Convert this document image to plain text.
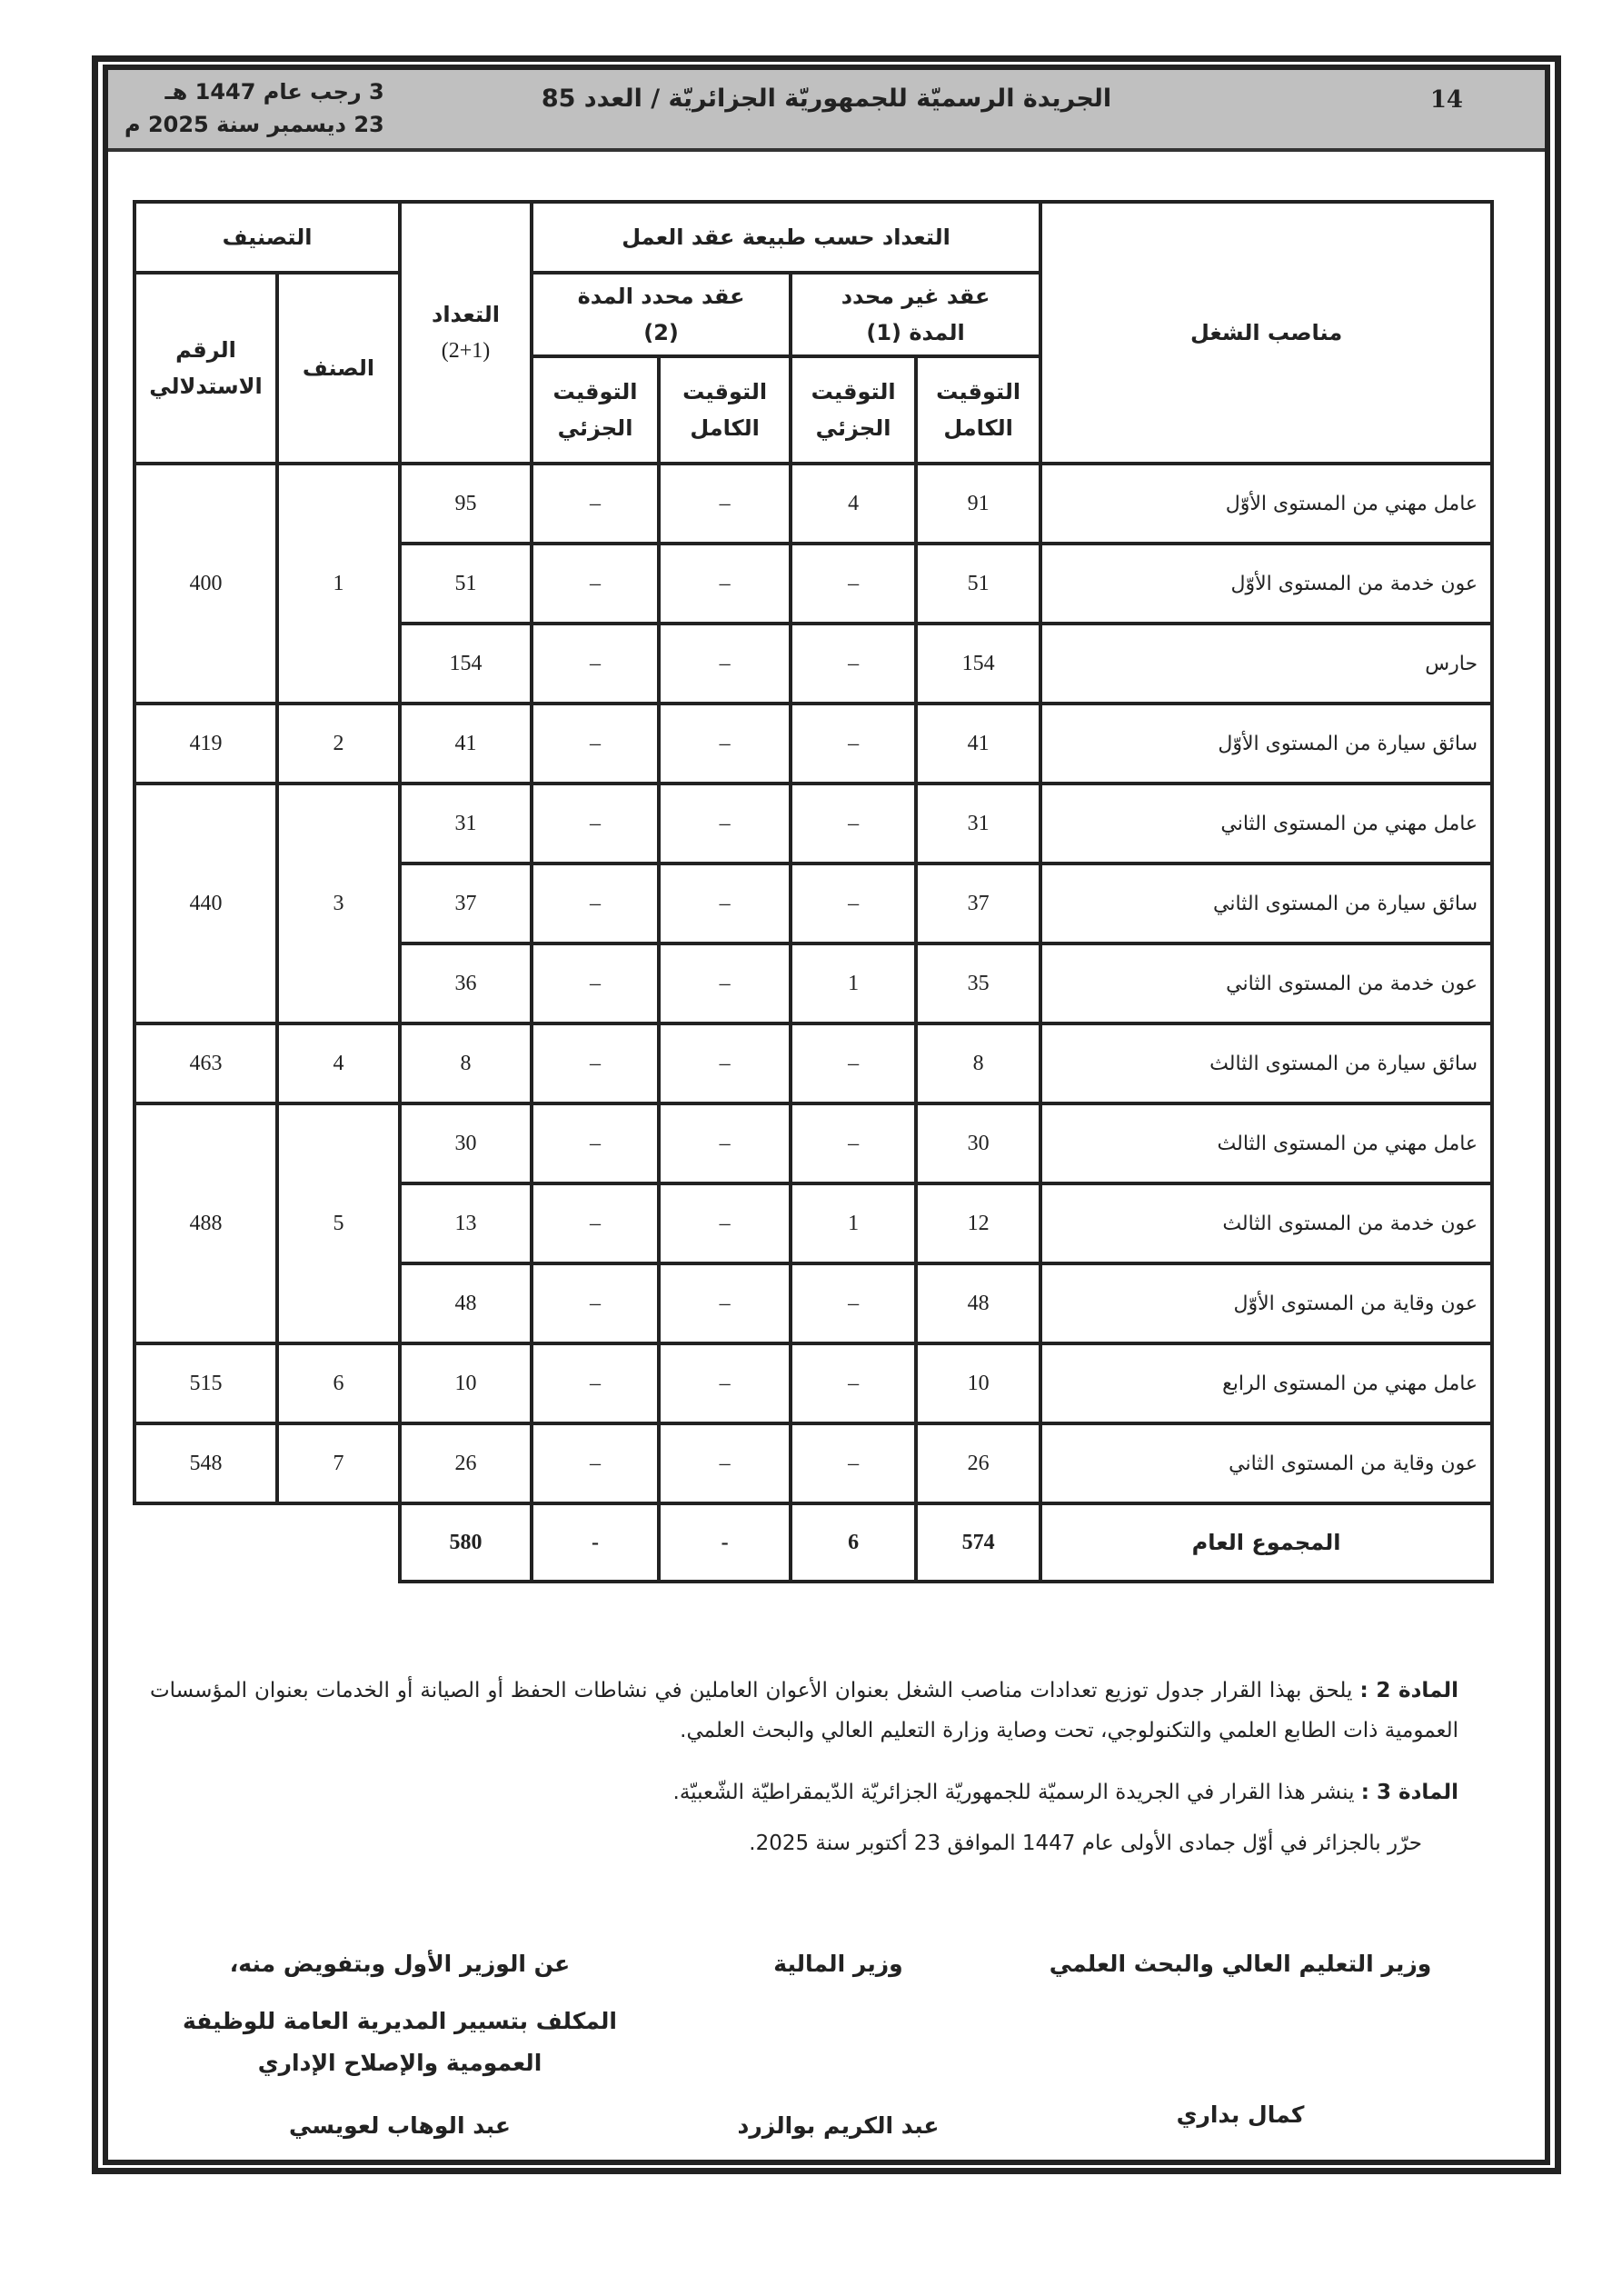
14
الجريدة الرسميّة للجمهوريّة الجزائريّة / العدد 85
3 رجب عام 1447 هـ
23 ديسمبر سنة 2025 م
مناصب الشغل	التعداد حسب طبيعة عقد العمل				التعداد
(2+1)	التصنيف	
	عقد غير محدد المدة (1)		عقد محدد المدة (2)			الصنف	الرقم الاستدلالي
	التوقيت الكامل	التوقيت الجزئي	التوقيت الكامل	التوقيت الجزئي			
عامل مهني من المستوى الأوّل	91	4	–	–	95	1	400
عون خدمة من المستوى الأوّل	51	–	–	–	51		
حارس	154	–	–	–	154		
سائق سيارة من المستوى الأوّل	41	–	–	–	41	2	419
عامل مهني من المستوى الثاني	31	–	–	–	31	3	440
سائق سيارة من المستوى الثاني	37	–	–	–	37		
عون خدمة من المستوى الثاني	35	1	–	–	36		
سائق سيارة من المستوى الثالث	8	–	–	–	8	4	463
عامل مهني من المستوى الثالث	30	–	–	–	30	5	488
عون خدمة من المستوى الثالث	12	1	–	–	13		
عون وقاية من المستوى الأوّل	48	–	–	–	48		
عامل مهني من المستوى الرابع	10	–	–	–	10	6	515
عون وقاية من المستوى الثاني	26	–	–	–	26	7	548
المجموع العام	574	6	-	-	580		
المادة 2 : يلحق بهذا القرار جدول توزيع تعدادات مناصب الشغل بعنوان الأعوان العاملين في نشاطات الحفظ أو الصيانة أو الخدمات بعنوان المؤسسات العمومية ذات الطابع العلمي والتكنولوجي، تحت وصاية وزارة التعليم العالي والبحث العلمي.
المادة 3 : ينشر هذا القرار في الجريدة الرسميّة للجمهوريّة الجزائريّة الدّيمقراطيّة الشّعبيّة.
حرّر بالجزائر في أوّل جمادى الأولى عام 1447 الموافق 23 أكتوبر سنة 2025.
وزير التعليم العالي والبحث العلمي
وزير المالية
عن الوزير الأول وبتفويض منه،
المكلف بتسيير المديرية العامة للوظيفة العمومية والإصلاح الإداري
كمال بداري
عبد الكريم بوالزرد
عبد الوهاب لعويسي
